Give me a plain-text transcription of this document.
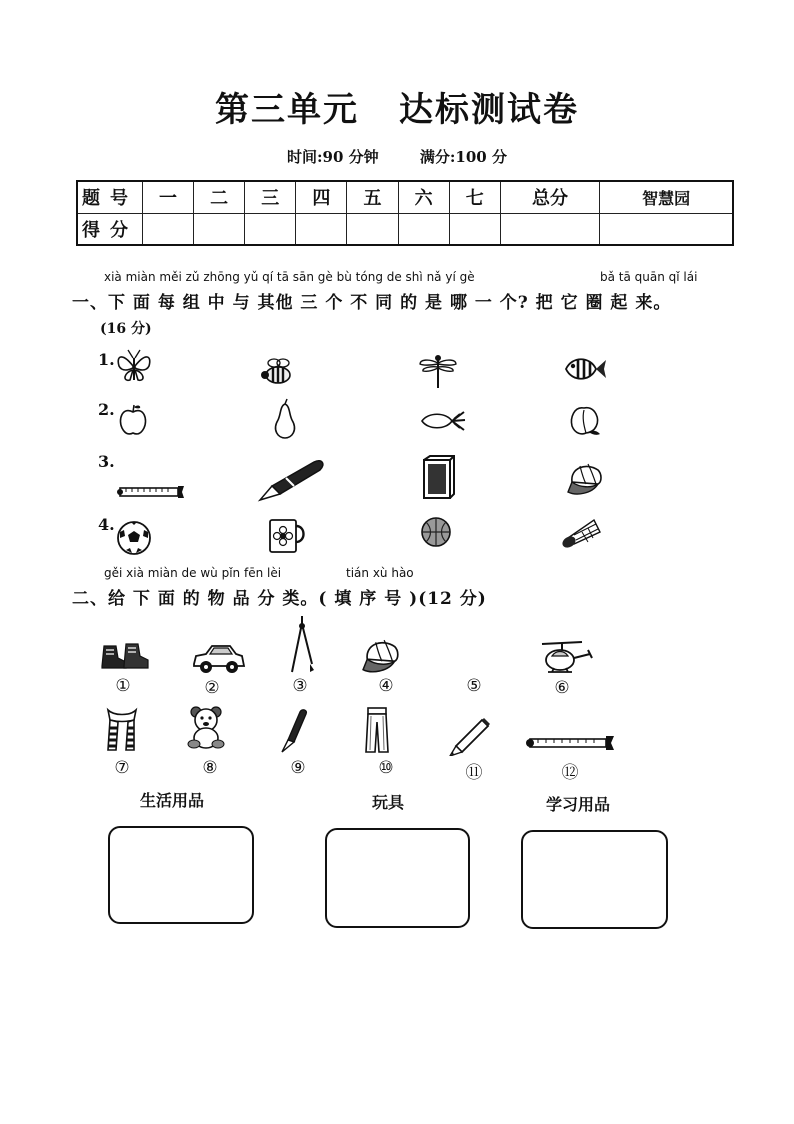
第三单元 达标测试卷
时间:90 分钟	满分:100 分
题号	一	二	三	四	五	六	七	总分	智慧园
得分									
xià miàn měi zǔ zhōng yǔ qí tā sān gè bù tóng de shì nǎ yí gè	bǎ tā quān qǐ lái
一、下 面 每 组 中 与 其他 三 个 不 同 的 是 哪 一 个? 把 它 圈 起 来。
(16 分)
1.
2.
3.
4.
gěi xià miàn de wù pǐn fēn lèi	tián xù hào
二、给 下 面 的 物 品 分 类。( 填 序 号 )(12 分)
①	②	③	④	⑤	⑥
⑦	⑧	⑨	⑩	⑪	⑫
生活用品	玩具	学习用品
